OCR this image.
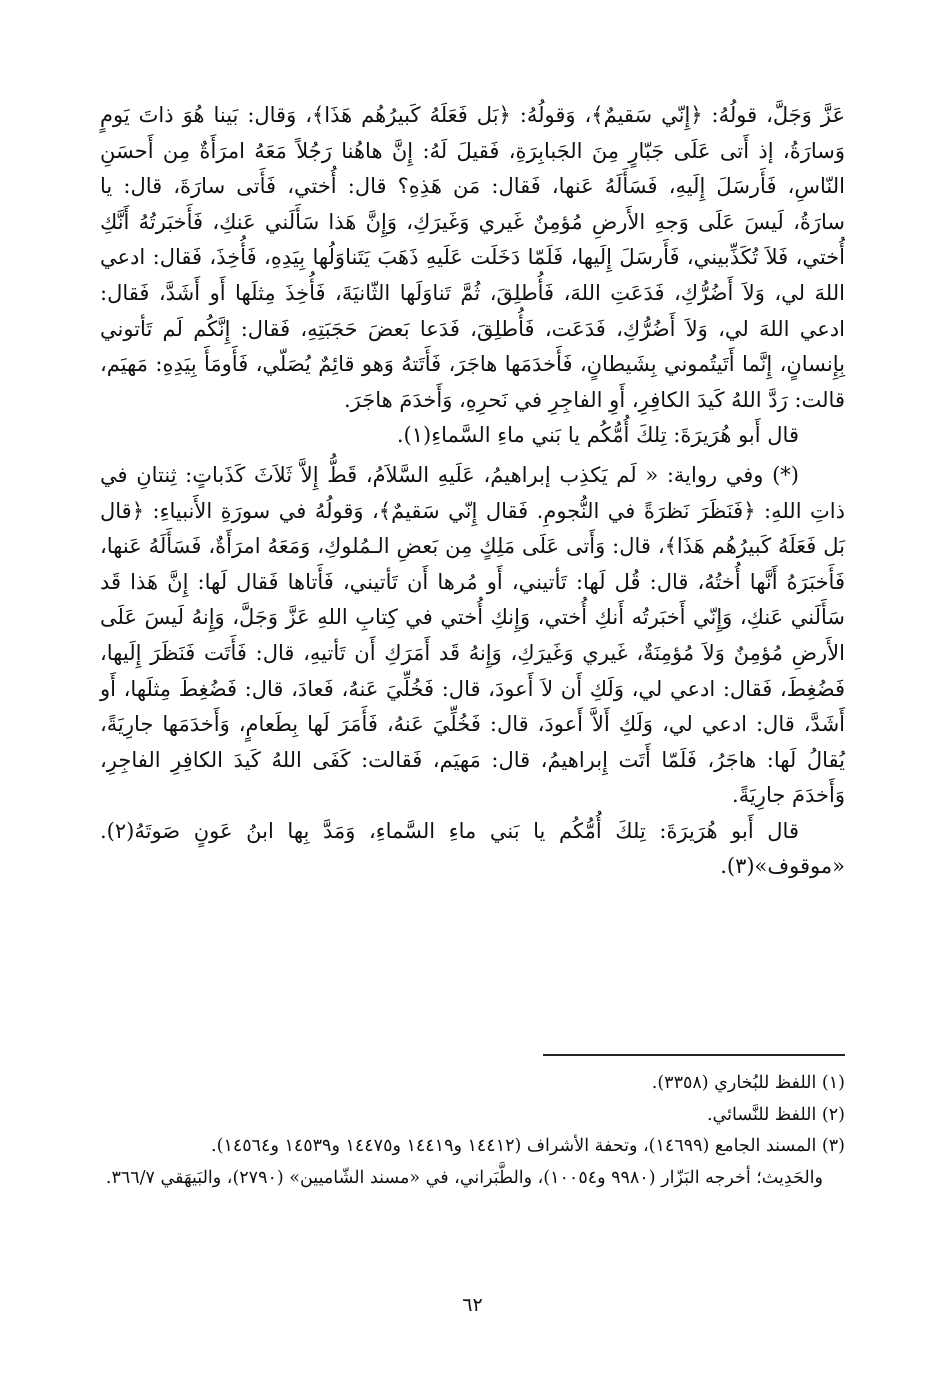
عَزَّ وَجَلَّ، قولُهُ: ﴿إِنّي سَقيمٌ﴾، وَقولُهُ: ﴿بَل فَعَلَهُ كَبيرُهُم هَذَا﴾، وَقال: بَينا هُوَ ذاتَ يَومٍ وَسارَةُ، إذ أَتى عَلَى جَبّارٍ مِنَ الجَبابِرَةِ، فَقيلَ لَهُ: إِنَّ هاهُنا رَجُلاً مَعَهُ امرَأَةٌ مِن أَحسَنِ النّاسِ، فَأَرسَلَ إِلَيهِ، فَسَأَلَهُ عَنها، فَقال: مَن هَذِهِ؟ قال: أُختي، فَأَتى سارَةَ، قال: يا سارَةُ، لَيسَ عَلَى وَجهِ الأَرضِ مُؤمِنٌ غَيري وَغَيرَكِ، وَإِنَّ هَذا سَأَلَني عَنكِ، فَأَخبَرتُهُ أَنَّكِ أُختي، فَلاَ تُكَذِّبيني، فَأَرسَلَ إِلَيها، فَلَمّا دَخَلَت عَلَيهِ ذَهَبَ يَتَناوَلُها بِيَدِهِ، فَأُخِذَ، فَقال: ادعي اللهَ لي، وَلاَ أَضُرُّكِ، فَدَعَتِ اللهَ، فَأُطلِقَ، ثُمَّ تَناوَلَها الثّانيَةَ، فَأُخِذَ مِثلَها أَو أَشَدَّ، فَقال: ادعي اللهَ لي، وَلاَ أَضُرُّكِ، فَدَعَت، فَأُطلِقَ، فَدَعا بَعضَ حَجَبَتِهِ، فَقال: إِنَّكُم لَم تَأتوني بِإِنسانٍ، إِنَّما أَتَيتُموني بِشَيطانٍ، فَأَخدَمَها هاجَرَ، فَأَتَتهُ وَهو قائِمٌ يُصَلّي، فَأَومَأَ بِيَدِهِ: مَهيَم، قالت: رَدَّ اللهُ كَيدَ الكافِرِ، أَوِ الفاجِرِ في نَحرِهِ، وَأَخدَمَ هاجَرَ.

قال أَبو هُرَيرَةَ: تِلكَ أُمُّكُم يا بَني ماءِ السَّماءِ(١).

(*) وفي رواية: « لَم يَكذِب إبراهيمُ، عَلَيهِ السَّلاَمُ، قَطُّ إِلاَّ ثَلاَثَ كَذَباتٍ: ثِنتانِ في ذاتِ اللهِ: ﴿فَنَظَرَ نَظرَةً في النُّجومِ. فَقال إِنّي سَقيمٌ﴾، وَقولُهُ في سورَةِ الأَنبياءِ: ﴿قال بَل فَعَلَهُ كَبيرُهُم هَذَا﴾، قال: وَأَتى عَلَى مَلِكٍ مِن بَعضِ الـمُلوكِ، وَمَعَهُ امرَأَةٌ، فَسَأَلَهُ عَنها، فَأَخبَرَهُ أَنَّها أُختُهُ، قال: قُل لَها: تَأتيني، أَو مُرها أَن تَأتيني، فَأَتاها فَقال لَها: إِنَّ هَذا قَد سَأَلَني عَنكِ، وَإِنّي أَخبَرتُه أَنكِ أُختي، وَإِنكِ أُختي في كِتابِ اللهِ عَزَّ وَجَلَّ، وَإِنهُ لَيسَ عَلَى الأَرضِ مُؤمِنٌ وَلاَ مُؤمِنَةٌ، غَيري وَغَيرَكِ، وَإِنهُ قَد أَمَرَكِ أَن تَأتيهِ، قال: فَأَتَت فَنَظَرَ إِلَيها، فَضُغِطَ، فَقال: ادعي لي، وَلَكِ أَن لاَ أَعودَ، قال: فَخُلِّيَ عَنهُ، فَعادَ، قال: فَضُغِطَ مِثلَها، أَو أَشَدَّ، قال: ادعي لي، وَلَكِ أَلاَّ أَعودَ، قال: فَخُلِّيَ عَنهُ، فَأَمَرَ لَها بِطَعامٍ، وَأَخدَمَها جارِيَةً، يُقالُ لَها: هاجَرُ، فَلَمّا أَتَت إِبراهيمُ، قال: مَهيَم، فَقالت: كَفَى اللهُ كَيدَ الكافِرِ الفاجِرِ، وَأَخدَمَ جارِيَةً.

قال أَبو هُرَيرَةَ: تِلكَ أُمُّكُم يا بَني ماءِ السَّماءِ، وَمَدَّ بِها ابنُ عَونٍ صَوتَهُ(٢). «موقوف»(٣).

(١) اللفظ للبُخاري (٣٣٥٨).

(٢) اللفظ للنَّسائي.

(٣) المسند الجامع (١٤٦٩٩)، وتحفة الأشراف (١٤٤١٢ و١٤٤١٩ و١٤٤٧٥ و١٤٥٣٩ و١٤٥٦٤).

والحَدِيث؛ أخرجه البَزّار (٩٩٨٠ و١٠٠٥٤)، والطَّبَراني، في «مسند الشّاميين» (٢٧٩٠)، والبَيهَقي ٣٦٦/٧.

٦٢
